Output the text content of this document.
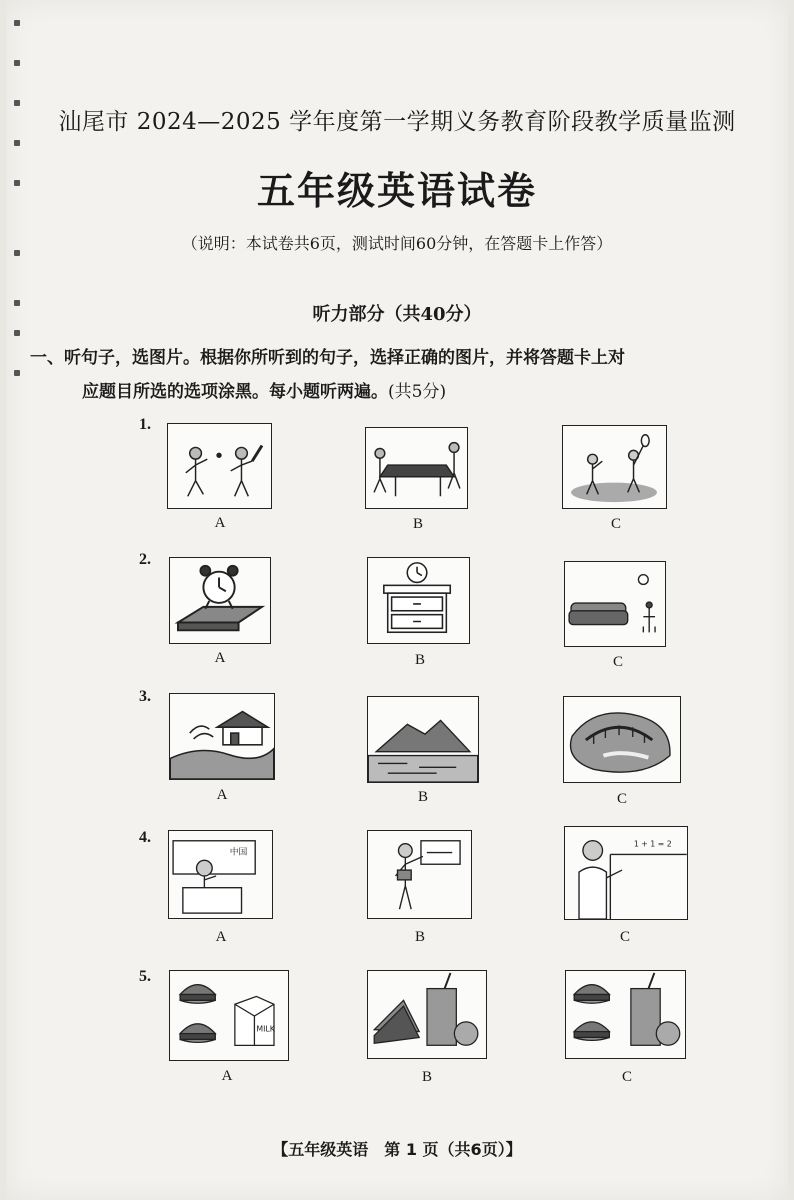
汕尾市 2024—2025 学年度第一学期义务教育阶段教学质量监测
五年级英语试卷
（说明：本试卷共6页，测试时间60分钟，在答题卡上作答）
听力部分（共40分）
一、听句子，选图片。根据你所听到的句子，选择正确的图片，并将答题卡上对
应题目所选的选项涂黑。每小题听两遍。(共5分)
1.
A	B	C
2.
A	B	C
3.
A	B	C
4.
中国
A	B
1 + 1 = 2
C
5.
MILK
A	B	C
【五年级英语　第 1 页（共6页）】
